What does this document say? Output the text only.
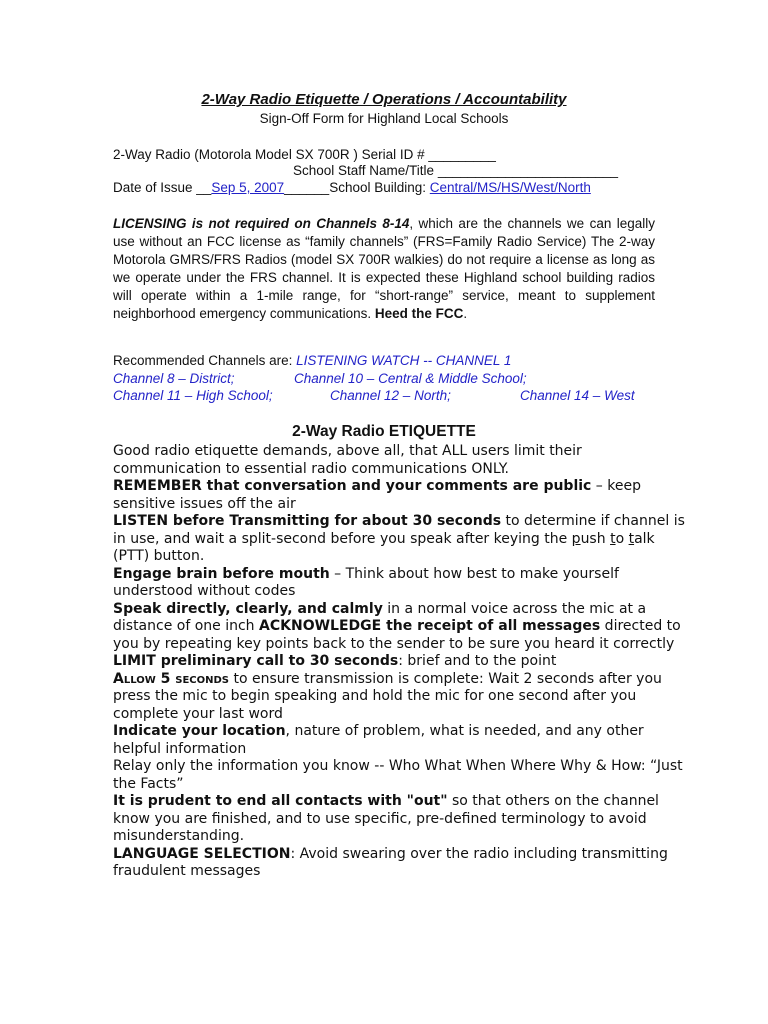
2-Way Radio Etiquette / Operations / Accountability
Sign-Off Form for Highland Local Schools
2-Way Radio (Motorola Model SX 700R ) Serial ID # _________
School Staff Name/Title ________________________
Date of Issue __Sep 5, 2007______School Building: Central/MS/HS/West/North
LICENSING is not required on Channels 8-14, which are the channels we can legally use without an FCC license as “family channels” (FRS=Family Radio Service) The 2-way Motorola GMRS/FRS Radios (model SX 700R walkies) do not require a license as long as we operate under the FRS channel. It is expected these Highland school building radios will operate within a 1-mile range, for “short-range” service, meant to supplement neighborhood emergency communications. Heed the FCC.
Recommended Channels are: LISTENING WATCH -- CHANNEL 1
Channel 8 – District;	Channel 10 – Central & Middle School;
Channel 11 – High School;	Channel 12 – North;	Channel 14 – West
2-Way Radio ETIQUETTE

Good radio etiquette demands, above all, that ALL users limit their communication to essential radio communications ONLY.

REMEMBER that conversation and your comments are public – keep sensitive issues off the air

LISTEN before Transmitting for about 30 seconds to determine if channel is in use, and wait a split-second before you speak after keying the push to talk (PTT) button.

Engage brain before mouth – Think about how best to make yourself understood without codes

Speak directly, clearly, and calmly in a normal voice across the mic at a distance of one inch ACKNOWLEDGE the receipt of all messages directed to you by repeating key points back to the sender to be sure you heard it correctly

LIMIT preliminary call to 30 seconds: brief and to the point

Allow 5 seconds to ensure transmission is complete: Wait 2 seconds after you press the mic to begin speaking and hold the mic for one second after you complete your last word

Indicate your location, nature of problem, what is needed, and any other helpful information

Relay only the information you know -- Who What When Where Why & How: “Just the Facts”

It is prudent to end all contacts with "out" so that others on the channel know you are finished, and to use specific, pre-defined terminology to avoid misunderstanding.

LANGUAGE SELECTION: Avoid swearing over the radio including transmitting fraudulent messages
